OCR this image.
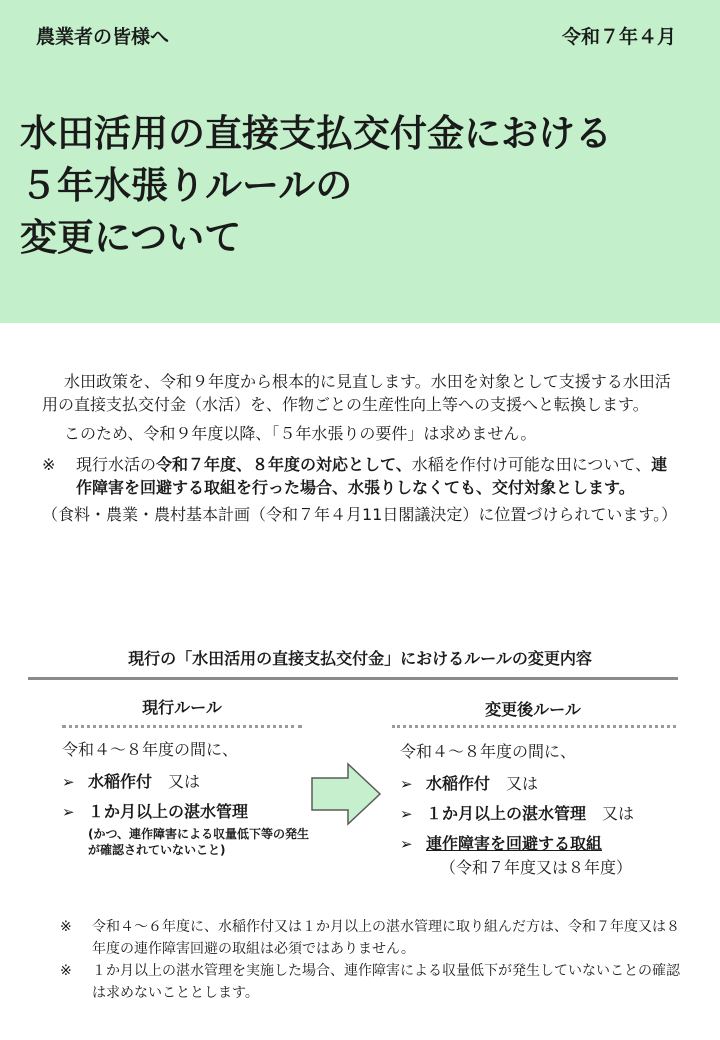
農業者の皆様へ	令和７年４月
水田活用の直接支払交付金における
５年水張りルールの
変更について

水田政策を、令和９年度から根本的に見直します。水田を対象として支援する水田活用の直接支払交付金（水活）を、作物ごとの生産性向上等への支援へと転換します。

このため、令和９年度以降、「５年水張りの要件」は求めません。

※	現行水活の令和７年度、８年度の対応として、水稲を作付け可能な田について、連作障害を回避する取組を行った場合、水張りしなくても、交付対象とします。

（食料・農業・農村基本計画（令和７年４月11日閣議決定）に位置づけられています。）

現行の「水田活用の直接支払交付金」におけるルールの変更内容
現行ルール	変更後ルール
令和４～８年度の間に、
➢ 水稲作付　 又は
➢ １か月以上の湛水管理
(かつ、連作障害による収量低下等の発生が確認されていないこと)
令和４～８年度の間に、
➢ 水稲作付　 又は
➢ １か月以上の湛水管理　 又は
➢ 連作障害を回避する取組
（令和７年度又は８年度）
※	令和４～６年度に、水稲作付又は１か月以上の湛水管理に取り組んだ方は、令和７年度又は８年度の連作障害回避の取組は必須ではありません。
※	１か月以上の湛水管理を実施した場合、連作障害による収量低下が発生していないことの確認は求めないこととします。
